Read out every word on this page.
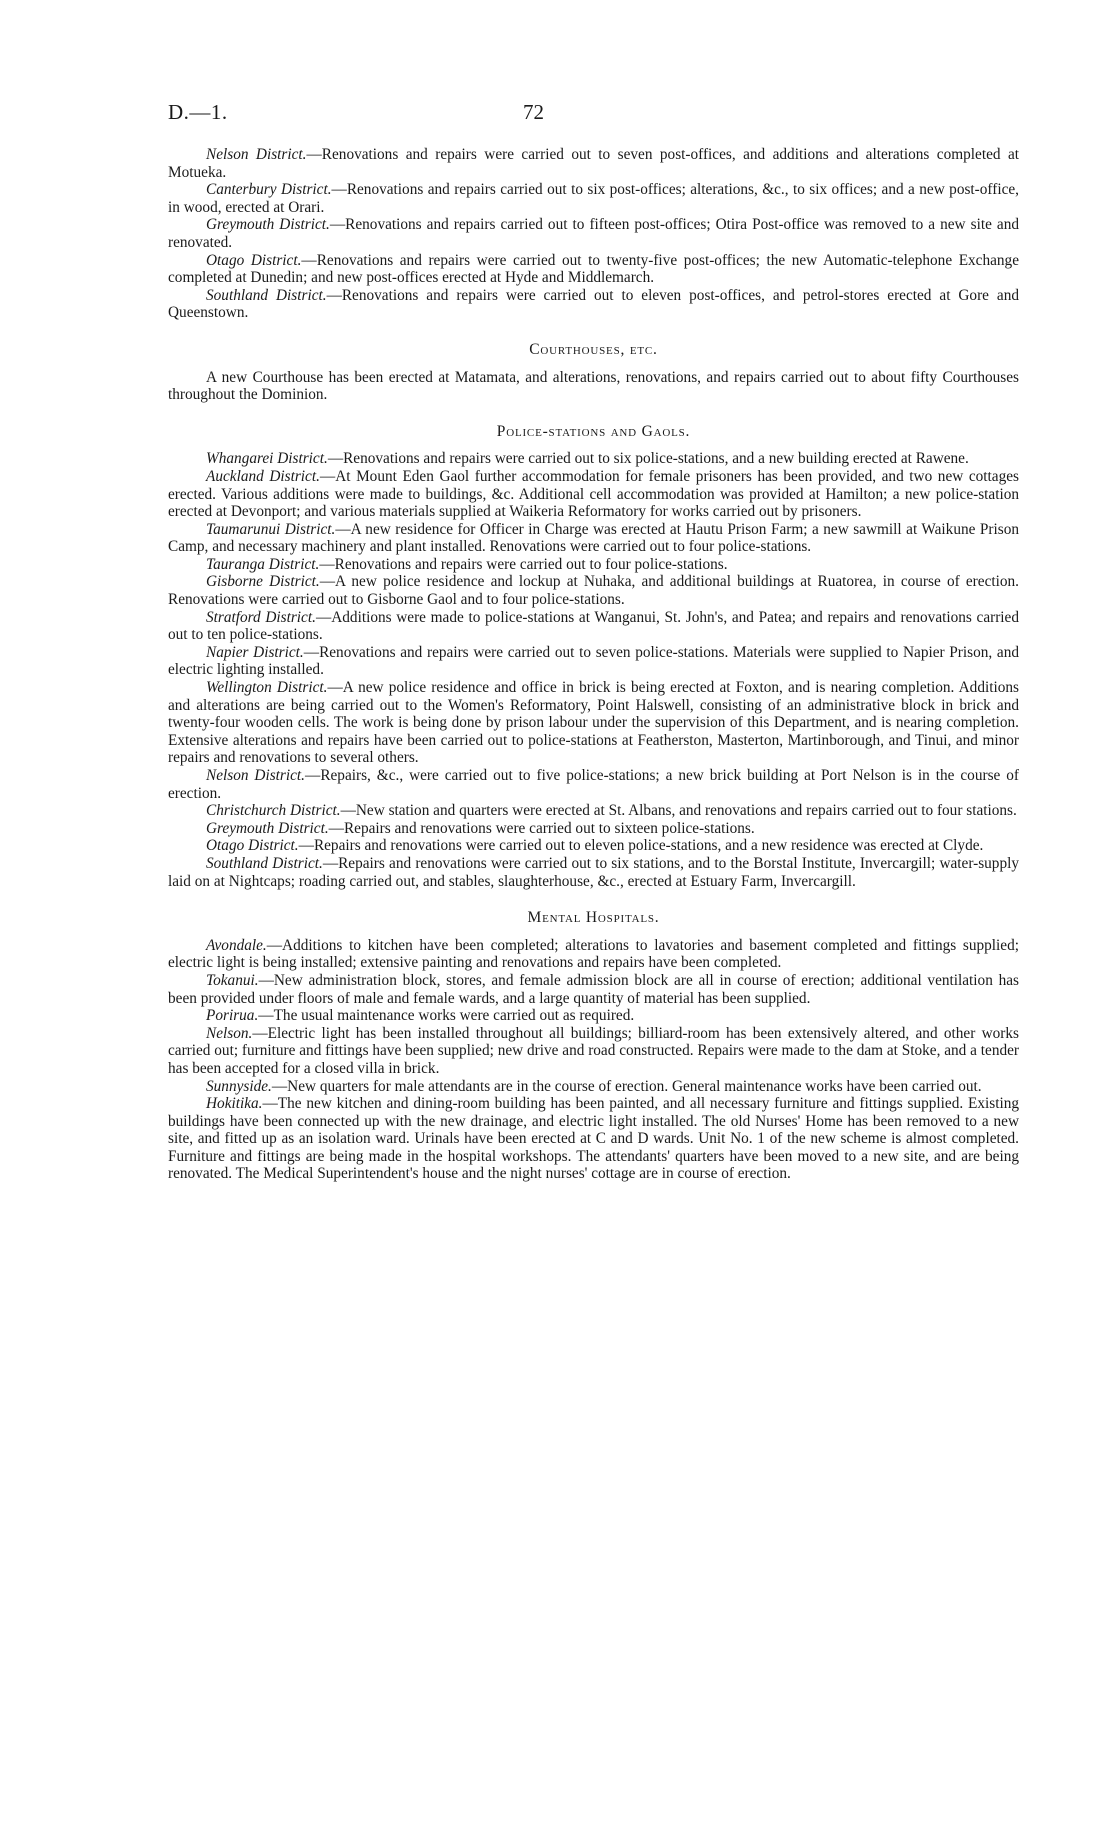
D.—1.	72

Nelson District.—Renovations and repairs were carried out to seven post-offices, and additions and alterations completed at Motueka.

Canterbury District.—Renovations and repairs carried out to six post-offices; alterations, &c., to six offices; and a new post-office, in wood, erected at Orari.

Greymouth District.—Renovations and repairs carried out to fifteen post-offices; Otira Post-office was removed to a new site and renovated.

Otago District.—Renovations and repairs were carried out to twenty-five post-offices; the new Automatic-telephone Exchange completed at Dunedin; and new post-offices erected at Hyde and Middlemarch.

Southland District.—Renovations and repairs were carried out to eleven post-offices, and petrol-stores erected at Gore and Queenstown.

Courthouses, etc.

A new Courthouse has been erected at Matamata, and alterations, renovations, and repairs carried out to about fifty Courthouses throughout the Dominion.

Police-stations and Gaols.

Whangarei District.—Renovations and repairs were carried out to six police-stations, and a new building erected at Rawene.

Auckland District.—At Mount Eden Gaol further accommodation for female prisoners has been provided, and two new cottages erected. Various additions were made to buildings, &c. Additional cell accommodation was provided at Hamilton; a new police-station erected at Devonport; and various materials supplied at Waikeria Reformatory for works carried out by prisoners.

Taumarunui District.—A new residence for Officer in Charge was erected at Hautu Prison Farm; a new sawmill at Waikune Prison Camp, and necessary machinery and plant installed. Renovations were carried out to four police-stations.

Tauranga District.—Renovations and repairs were carried out to four police-stations.

Gisborne District.—A new police residence and lockup at Nuhaka, and additional buildings at Ruatorea, in course of erection. Renovations were carried out to Gisborne Gaol and to four police-stations.

Stratford District.—Additions were made to police-stations at Wanganui, St. John's, and Patea; and repairs and renovations carried out to ten police-stations.

Napier District.—Renovations and repairs were carried out to seven police-stations. Materials were supplied to Napier Prison, and electric lighting installed.

Wellington District.—A new police residence and office in brick is being erected at Foxton, and is nearing completion. Additions and alterations are being carried out to the Women's Reformatory, Point Halswell, consisting of an administrative block in brick and twenty-four wooden cells. The work is being done by prison labour under the supervision of this Department, and is nearing completion. Extensive alterations and repairs have been carried out to police-stations at Featherston, Masterton, Martinborough, and Tinui, and minor repairs and renovations to several others.

Nelson District.—Repairs, &c., were carried out to five police-stations; a new brick building at Port Nelson is in the course of erection.

Christchurch District.—New station and quarters were erected at St. Albans, and renovations and repairs carried out to four stations.

Greymouth District.—Repairs and renovations were carried out to sixteen police-stations.

Otago District.—Repairs and renovations were carried out to eleven police-stations, and a new residence was erected at Clyde.

Southland District.—Repairs and renovations were carried out to six stations, and to the Borstal Institute, Invercargill; water-supply laid on at Nightcaps; roading carried out, and stables, slaughterhouse, &c., erected at Estuary Farm, Invercargill.

Mental Hospitals.

Avondale.—Additions to kitchen have been completed; alterations to lavatories and basement completed and fittings supplied; electric light is being installed; extensive painting and renovations and repairs have been completed.

Tokanui.—New administration block, stores, and female admission block are all in course of erection; additional ventilation has been provided under floors of male and female wards, and a large quantity of material has been supplied.

Porirua.—The usual maintenance works were carried out as required.

Nelson.—Electric light has been installed throughout all buildings; billiard-room has been extensively altered, and other works carried out; furniture and fittings have been supplied; new drive and road constructed. Repairs were made to the dam at Stoke, and a tender has been accepted for a closed villa in brick.

Sunnyside.—New quarters for male attendants are in the course of erection. General maintenance works have been carried out.

Hokitika.—The new kitchen and dining-room building has been painted, and all necessary furniture and fittings supplied. Existing buildings have been connected up with the new drainage, and electric light installed. The old Nurses' Home has been removed to a new site, and fitted up as an isolation ward. Urinals have been erected at C and D wards. Unit No. 1 of the new scheme is almost completed. Furniture and fittings are being made in the hospital workshops. The attendants' quarters have been moved to a new site, and are being renovated. The Medical Superintendent's house and the night nurses' cottage are in course of erection.
